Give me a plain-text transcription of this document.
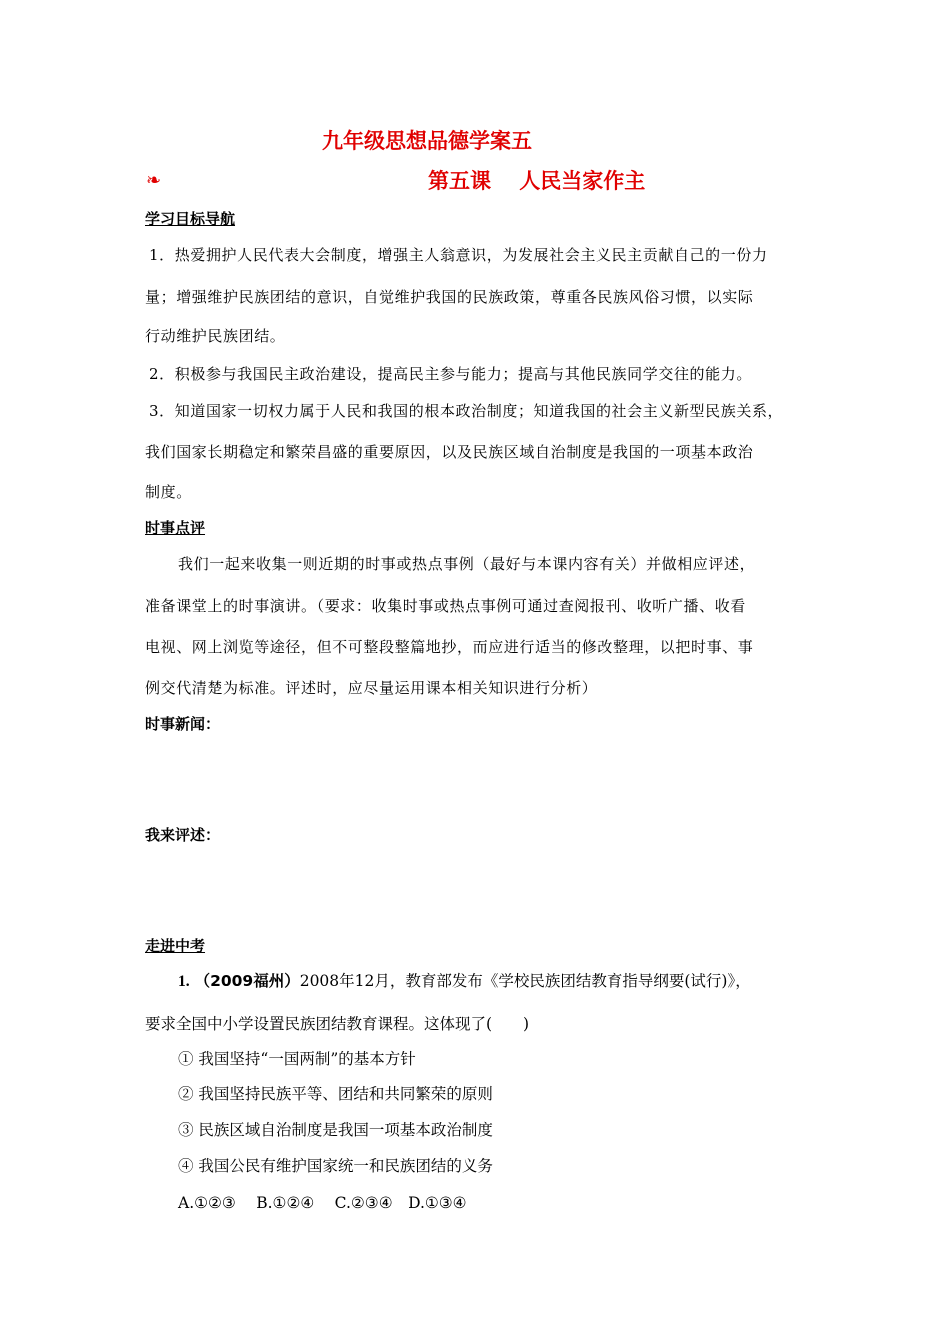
九年级思想品德学案五
❧	第五课　 人民当家作主
学习目标导航
1．热爱拥护人民代表大会制度，增强主人翁意识，为发展社会主义民主贡献自己的一份力
量；增强维护民族团结的意识，自觉维护我国的民族政策，尊重各民族风俗习惯，以实际
行动维护民族团结。
2．积极参与我国民主政治建设，提高民主参与能力；提高与其他民族同学交往的能力。
3．知道国家一切权力属于人民和我国的根本政治制度；知道我国的社会主义新型民族关系，
我们国家长期稳定和繁荣昌盛的重要原因，以及民族区域自治制度是我国的一项基本政治
制度。
时事点评
我们一起来收集一则近期的时事或热点事例（最好与本课内容有关）并做相应评述，
准备课堂上的时事演讲。（要求：收集时事或热点事例可通过查阅报刊、收听广播、收看
电视、网上浏览等途径，但不可整段整篇地抄，而应进行适当的修改整理，以把时事、事
例交代清楚为标准。评述时，应尽量运用课本相关知识进行分析）
时事新闻：
我来评述：
走进中考
1. （2009福州）2008年12月，教育部发布《学校民族团结教育指导纲要(试行)》，
要求全国中小学设置民族团结教育课程。这体现了(　　)
① 我国坚持“一国两制”的基本方针
② 我国坚持民族平等、团结和共同繁荣的原则
③ 民族区域自治制度是我国一项基本政治制度
④ 我国公民有维护国家统一和民族团结的义务
A.①②③　 B.①②④　 C.②③④　D.①③④
